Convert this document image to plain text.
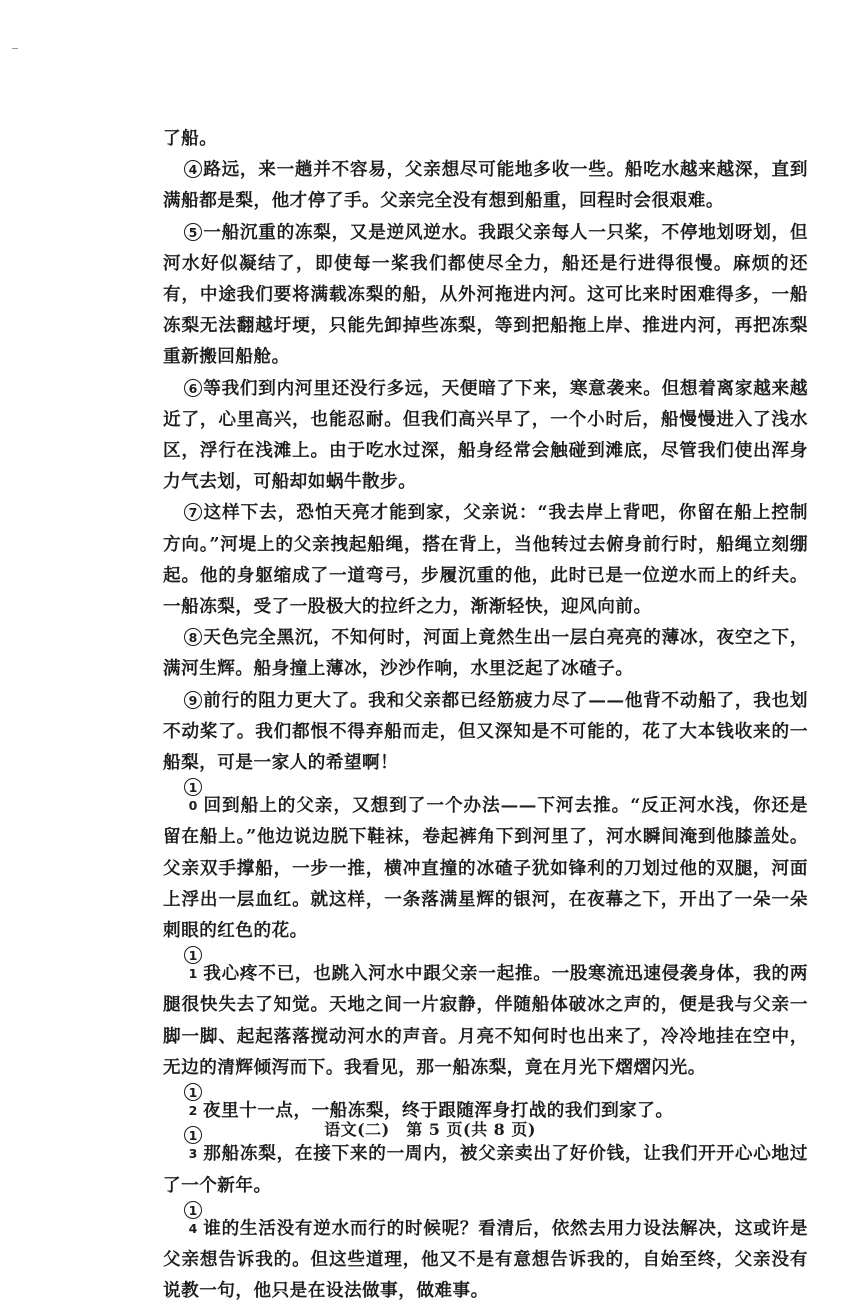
了船。

4 路远，来一趟并不容易，父亲想尽可能地多收一些。船吃水越来越深，直到满船都是梨，他才停了手。父亲完全没有想到船重，回程时会很艰难。

5 一船沉重的冻梨，又是逆风逆水。我跟父亲每人一只桨，不停地划呀划，但河水好似凝结了，即使每一桨我们都使尽全力，船还是行进得很慢。麻烦的还有，中途我们要将满载冻梨的船，从外河拖进内河。这可比来时困难得多，一船冻梨无法翻越圩埂，只能先卸掉些冻梨，等到把船拖上岸、推进内河，再把冻梨重新搬回船舱。

6 等我们到内河里还没行多远，天便暗了下来，寒意袭来。但想着离家越来越近了，心里高兴，也能忍耐。但我们高兴早了，一个小时后，船慢慢进入了浅水区，浮行在浅滩上。由于吃水过深，船身经常会触碰到滩底，尽管我们使出浑身力气去划，可船却如蜗牛散步。

7 这样下去，恐怕天亮才能到家，父亲说：“我去岸上背吧，你留在船上控制方向。”河堤上的父亲拽起船绳，搭在背上，当他转过去俯身前行时，船绳立刻绷起。他的身躯缩成了一道弯弓，步履沉重的他，此时已是一位逆水而上的纤夫。一船冻梨，受了一股极大的拉纤之力，渐渐轻快，迎风向前。

8 天色完全黑沉，不知何时，河面上竟然生出一层白亮亮的薄冰，夜空之下，满河生辉。船身撞上薄冰，沙沙作响，水里泛起了冰碴子。

9 前行的阻力更大了。我和父亲都已经筋疲力尽了——他背不动船了，我也划不动桨了。我们都恨不得弃船而走，但又深知是不可能的，花了大本钱收来的一船梨，可是一家人的希望啊！

10 回到船上的父亲，又想到了一个办法——下河去推。“反正河水浅，你还是留在船上。”他边说边脱下鞋袜，卷起裤角下到河里了，河水瞬间淹到他膝盖处。父亲双手撑船，一步一推，横冲直撞的冰碴子犹如锋利的刀划过他的双腿，河面上浮出一层血红。就这样，一条落满星辉的银河，在夜幕之下，开出了一朵一朵刺眼的红色的花。

11 我心疼不已，也跳入河水中跟父亲一起推。一股寒流迅速侵袭身体，我的两腿很快失去了知觉。天地之间一片寂静，伴随船体破冰之声的，便是我与父亲一脚一脚、起起落落搅动河水的声音。月亮不知何时也出来了，冷冷地挂在空中，无边的清辉倾泻而下。我看见，那一船冻梨，竟在月光下熠熠闪光。

12 夜里十一点，一船冻梨，终于跟随浑身打战的我们到家了。

13 那船冻梨，在接下来的一周内，被父亲卖出了好价钱，让我们开开心心地过了一个新年。

14 谁的生活没有逆水而行的时候呢？看清后，依然去用力设法解决，这或许是父亲想告诉我的。但这些道理，他又不是有意想告诉我的，自始至终，父亲没有说教一句，他只是在设法做事，做难事。

语文(二)　第 5 页(共 8 页)
